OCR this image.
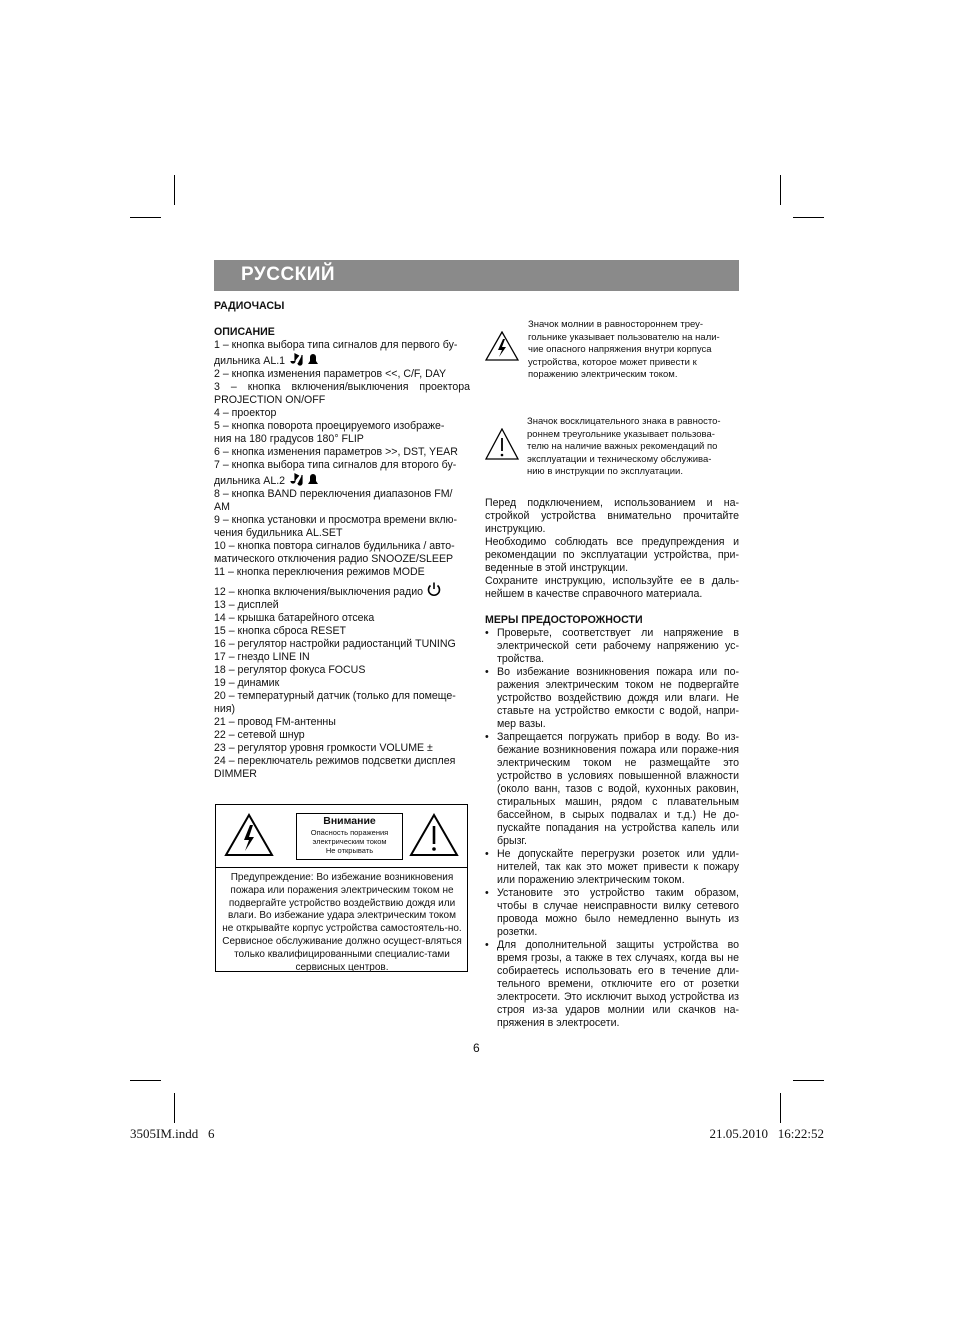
РУССКИЙ
РАДИОЧАСЫ
ОПИСАНИЕ
1 – кнопка выбора типа сигналов для первого бу-
дильника AL.1
2 – кнопка изменения параметров <<, C/F, DAY
3 – кнопка включения/выключения проектора
PROJECTION ON/OFF
4 – проектор
5 – кнопка поворота проецируемого изображе-
ния на 180 градусов 180° FLIP
6 – кнопка изменения параметров >>, DST, YEAR
7 – кнопка выбора типа сигналов для второго бу-
дильника AL.2
8 – кнопка BAND переключения диапазонов FM/
AM
9 – кнопка установки и просмотра времени вклю-
чения будильника AL.SET
10 – кнопка повтора сигналов будильника / авто-
матического отключения радио SNOOZE/SLEEP
11 – кнопка переключения режимов MODE
12 – кнопка включения/выключения радио
13 – дисплей
14 – крышка батарейного отсека
15 – кнопка сброса RESET
16 – регулятор настройки радиостанций TUNING
17 – гнездо LINE IN
18 – регулятор фокуса FOCUS
19 – динамик
20 – температурный датчик (только для помеще-
ния)
21 – провод FM-антенны
22 – сетевой шнур
23 – регулятор уровня громкости VOLUME ±
24 – переключатель режимов подсветки дисплея
DIMMER
Внимание
Опасность поражения
электрическим током
Не открывать
Предупреждение: Во избежание возникновения пожара или поражения электрическим током не подвергайте устройство воздействию дождя или влаги. Во избежание удара электрическим током не открывайте корпус устройства самостоятель-но. Сервисное обслуживание должно осущест-вляться только квалифицированными специалис-тами сервисных центров.
Значок молнии в равностороннем треу-
гольнике указывает пользователю на нали-
чие опасного напряжения внутри корпуса
устройства, которое может привести к
поражению электрическим током.
Значок восклицательного знака в равносто-
роннем треугольнике указывает пользова-
телю на наличие важных рекомендаций по
эксплуатации и техническому обслужива-
нию в инструкции по эксплуатации.
Перед подключением, использованием и на-стройкой устройства внимательно прочитайте инструкцию.
Необходимо соблюдать все предупреждения и рекомендации по эксплуатации устройства, при-веденные в этой инструкции.
Сохраните инструкцию, используйте ее в даль-нейшем в качестве справочного материала.
МЕРЫ ПРЕДОСТОРОЖНОСТИ
• Проверьте, соответствует ли напряжение в электрической сети рабочему напряжению ус-тройства.
• Во избежание возникновения пожара или по-ражения электрическим током не подвергайте устройство воздействию дождя или влаги. Не ставьте на устройство емкости с водой, напри-мер вазы.
• Запрещается погружать прибор в воду. Во из-бежание возникновения пожара или пораже-ния электрическим током не размещайте это устройство в условиях повышенной влажности (около ванн, тазов с водой, кухонных раковин, стиральных машин, рядом с плавательным бассейном, в сырых подвалах и т.д.) Не до-пускайте попадания на устройства капель или брызг.
• Не допускайте перегрузки розеток или удли-нителей, так как это может привести к пожару или поражению электрическим током.
• Установите это устройство таким образом, чтобы в случае неисправности вилку сетевого провода можно было немедленно вынуть из розетки.
• Для дополнительной защиты устройства во время грозы, а также в тех случаях, когда вы не собираетесь использовать его в течение дли-тельного времени, отключите его от розетки электросети. Это исключит выход устройства из строя из-за ударов молнии или скачков на-пряжения в электросети.
6
3505IM.indd   6	21.05.2010   16:22:52
